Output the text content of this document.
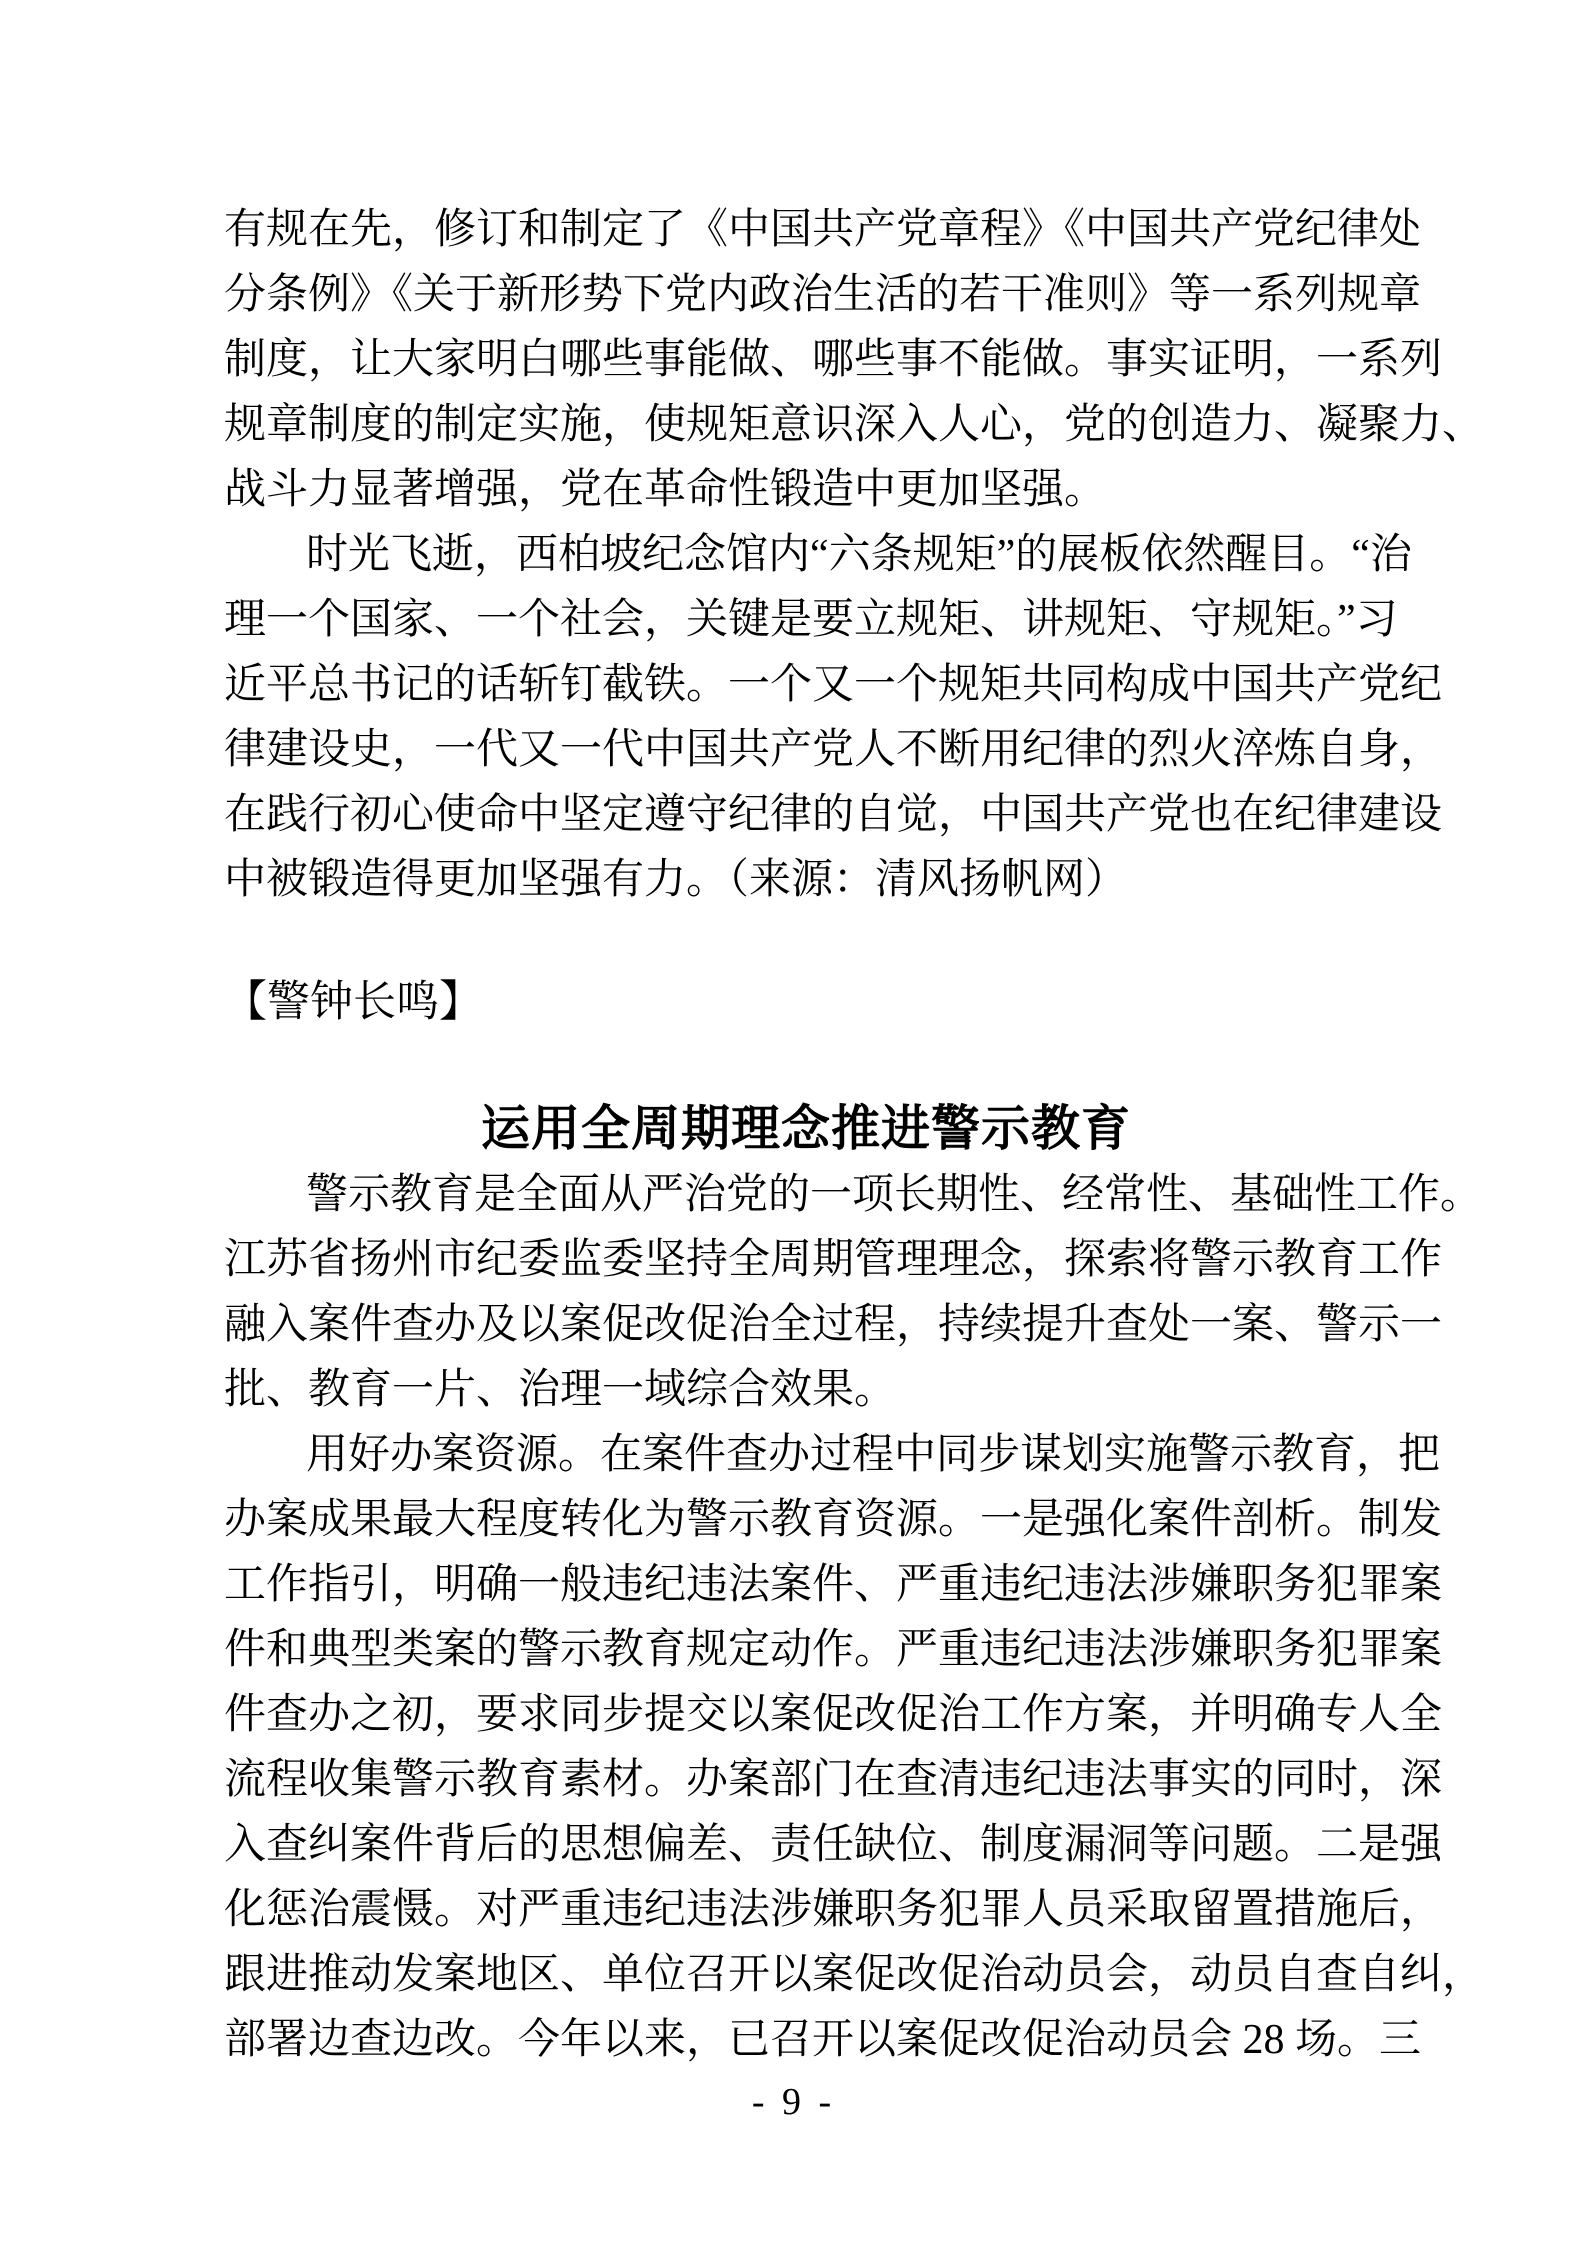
有规在先，修订和制定了《中国共产党章程》《中国共产党纪律处
分条例》《关于新形势下党内政治生活的若干准则》等一系列规章
制度，让大家明白哪些事能做、哪些事不能做。事实证明，一系列
规章制度的制定实施，使规矩意识深入人心，党的创造力、凝聚力、
战斗力显著增强，党在革命性锻造中更加坚强。
时光飞逝，西柏坡纪念馆内“六条规矩”的展板依然醒目。“治
理一个国家、一个社会，关键是要立规矩、讲规矩、守规矩。”习
近平总书记的话斩钉截铁。一个又一个规矩共同构成中国共产党纪
律建设史，一代又一代中国共产党人不断用纪律的烈火淬炼自身，
在践行初心使命中坚定遵守纪律的自觉，中国共产党也在纪律建设
中被锻造得更加坚强有力。（来源：清风扬帆网）
【警钟长鸣】
运用全周期理念推进警示教育
警示教育是全面从严治党的一项长期性、经常性、基础性工作。
江苏省扬州市纪委监委坚持全周期管理理念，探索将警示教育工作
融入案件查办及以案促改促治全过程，持续提升查处一案、警示一
批、教育一片、治理一域综合效果。
用好办案资源。在案件查办过程中同步谋划实施警示教育，把
办案成果最大程度转化为警示教育资源。一是强化案件剖析。制发
工作指引，明确一般违纪违法案件、严重违纪违法涉嫌职务犯罪案
件和典型类案的警示教育规定动作。严重违纪违法涉嫌职务犯罪案
件查办之初，要求同步提交以案促改促治工作方案，并明确专人全
流程收集警示教育素材。办案部门在查清违纪违法事实的同时，深
入查纠案件背后的思想偏差、责任缺位、制度漏洞等问题。二是强
化惩治震慑。对严重违纪违法涉嫌职务犯罪人员采取留置措施后，
跟进推动发案地区、单位召开以案促改促治动员会，动员自查自纠，
部署边查边改。今年以来，已召开以案促改促治动员会 28 场。三
- 9 -
